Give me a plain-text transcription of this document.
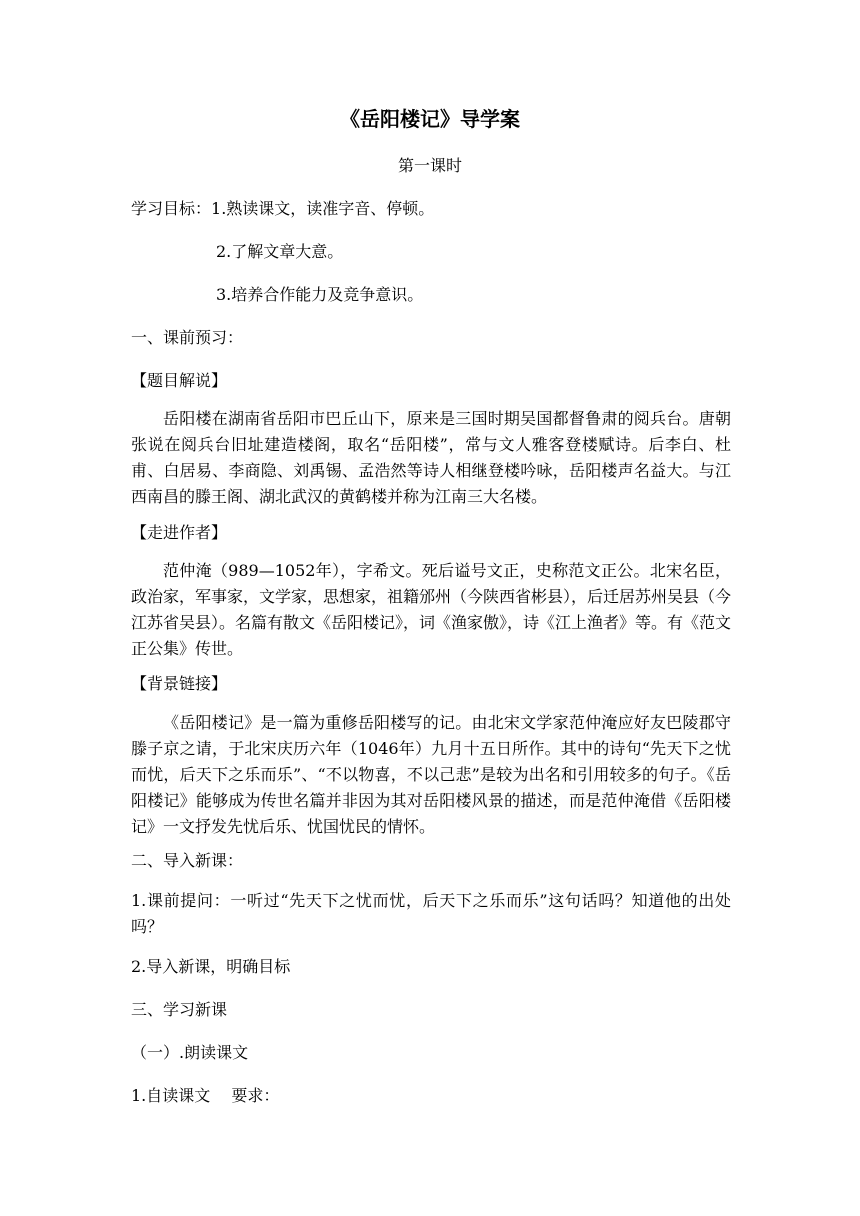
《岳阳楼记》导学案
第一课时
学习目标：1.熟读课文，读准字音、停顿。
2.了解文章大意。
3.培养合作能力及竞争意识。
一、课前预习：
【题目解说】
岳阳楼在湖南省岳阳市巴丘山下，原来是三国时期吴国都督鲁肃的阅兵台。唐朝张说在阅兵台旧址建造楼阁，取名“岳阳楼”，常与文人雅客登楼赋诗。后李白、杜甫、白居易、李商隐、刘禹锡、孟浩然等诗人相继登楼吟咏，岳阳楼声名益大。与江西南昌的滕王阁、湖北武汉的黄鹤楼并称为江南三大名楼。
【走进作者】
范仲淹（989—1052年），字希文。死后谥号文正，史称范文正公。北宋名臣，政治家，军事家，文学家，思想家，祖籍邠州（今陕西省彬县），后迁居苏州吴县（今江苏省吴县）。名篇有散文《岳阳楼记》，词《渔家傲》，诗《江上渔者》等。有《范文正公集》传世。
【背景链接】
《岳阳楼记》是一篇为重修岳阳楼写的记。由北宋文学家范仲淹应好友巴陵郡守滕子京之请，于北宋庆历六年（1046年）九月十五日所作。其中的诗句“先天下之忧而忧，后天下之乐而乐”、“不以物喜，不以己悲”是较为出名和引用较多的句子。《岳阳楼记》能够成为传世名篇并非因为其对岳阳楼风景的描述，而是范仲淹借《岳阳楼记》一文抒发先忧后乐、忧国忧民的情怀。
二、导入新课：
1.课前提问：一听过“先天下之忧而忧，后天下之乐而乐”这句话吗？知道他的出处吗？
2.导入新课，明确目标
三、学习新课
（一）.朗读课文
1.自读课文　 要求：
